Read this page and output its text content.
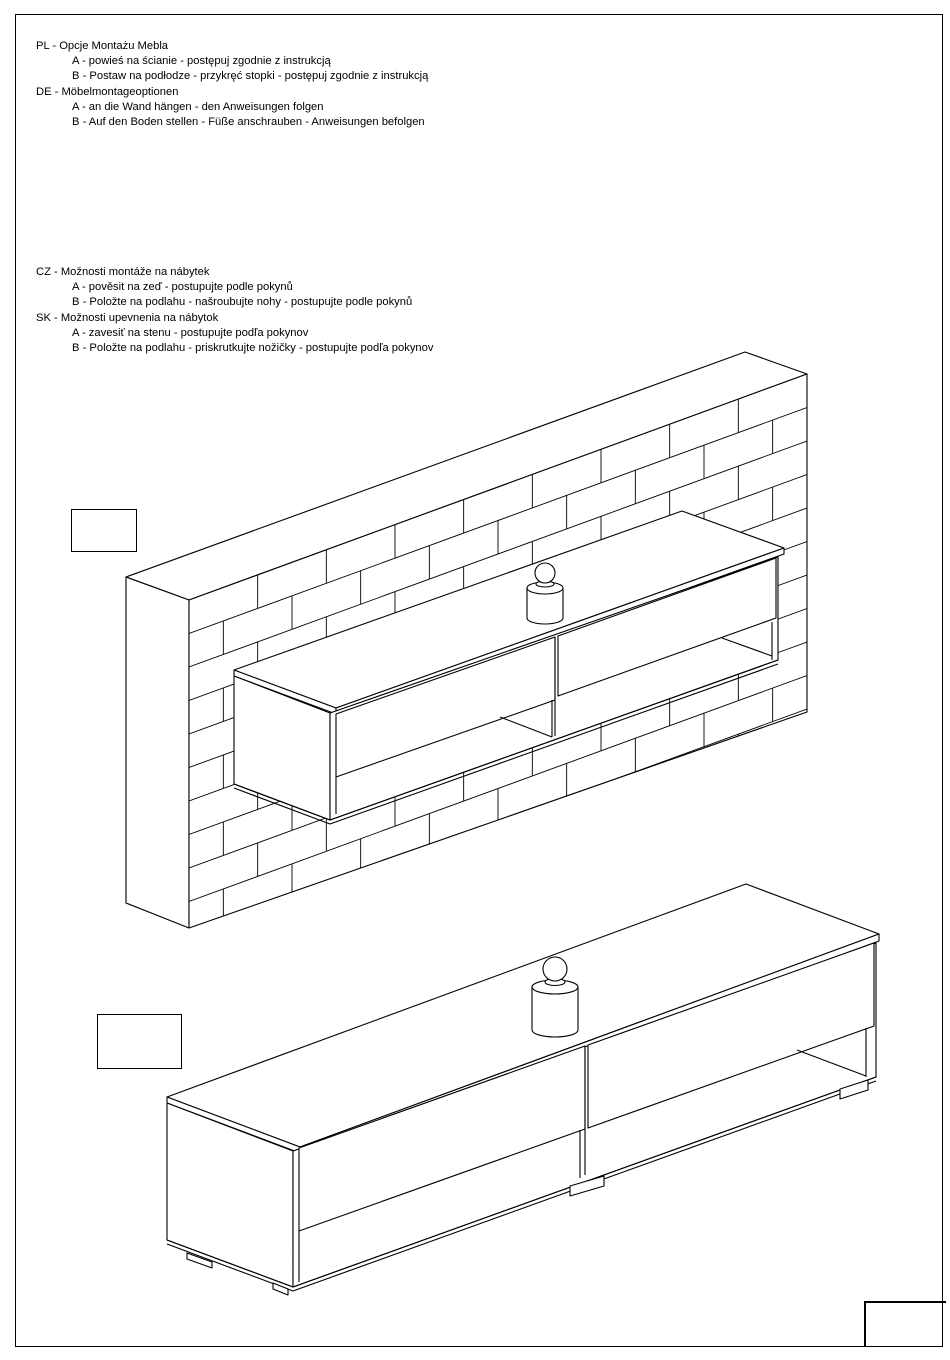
PL - Opcje Montażu Mebla
A - powieś na ścianie - postępuj zgodnie z instrukcją
B - Postaw na podłodze - przykręć stopki - postępuj zgodnie z instrukcją
DE - Möbelmontageoptionen
A - an die Wand hängen - den Anweisungen folgen
B - Auf den Boden stellen - Füße anschrauben - Anweisungen befolgen
CZ - Možnosti montáže na nábytek
A - pověsit na zeď - postupujte podle pokynů
B - Položte na podlahu - našroubujte nohy - postupujte podle pokynů
SK - Možnosti upevnenia na nábytok
A - zavesiť na stenu - postupujte podľa pokynov
B - Položte na podlahu - priskrutkujte nožičky - postupujte podľa pokynov
